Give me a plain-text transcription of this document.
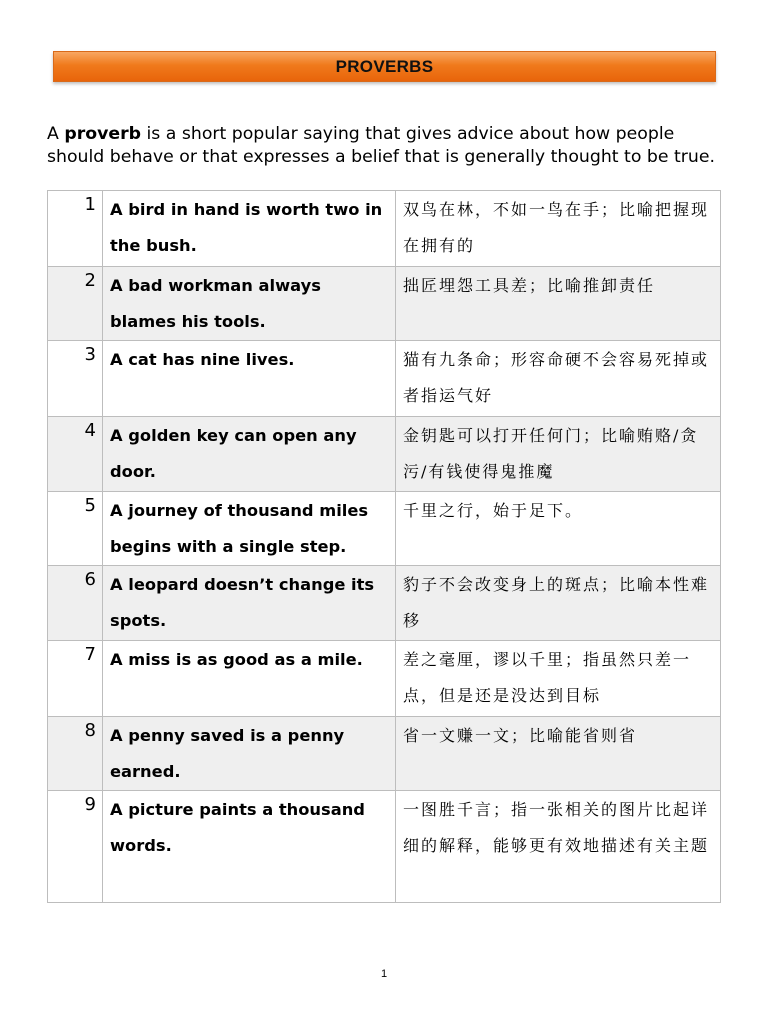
PROVERBS

A proverb is a short popular saying that gives advice about how people should behave or that expresses a belief that is generally thought to be true.

1	A bird in hand is worth two in the bush.	双鸟在林，不如一鸟在手；比喻把握现在拥有的
2	A bad workman always blames his tools.	拙匠埋怨工具差；比喻推卸责任
3	A cat has nine lives.	猫有九条命；形容命硬不会容易死掉或者指运气好
4	A golden key can open any door.	金钥匙可以打开任何门；比喻贿赂/贪污/有钱使得鬼推魔
5	A journey of thousand miles begins with a single step.	千里之行，始于足下。
6	A leopard doesn’t change its spots.	豹子不会改变身上的斑点；比喻本性难移
7	A miss is as good as a mile.	差之毫厘，谬以千里；指虽然只差一点，但是还是没达到目标
8	A penny saved is a penny earned.	省一文赚一文；比喻能省则省
9	A picture paints a thousand words.	一图胜千言；指一张相关的图片比起详细的解释，能够更有效地描述有关主题
1
